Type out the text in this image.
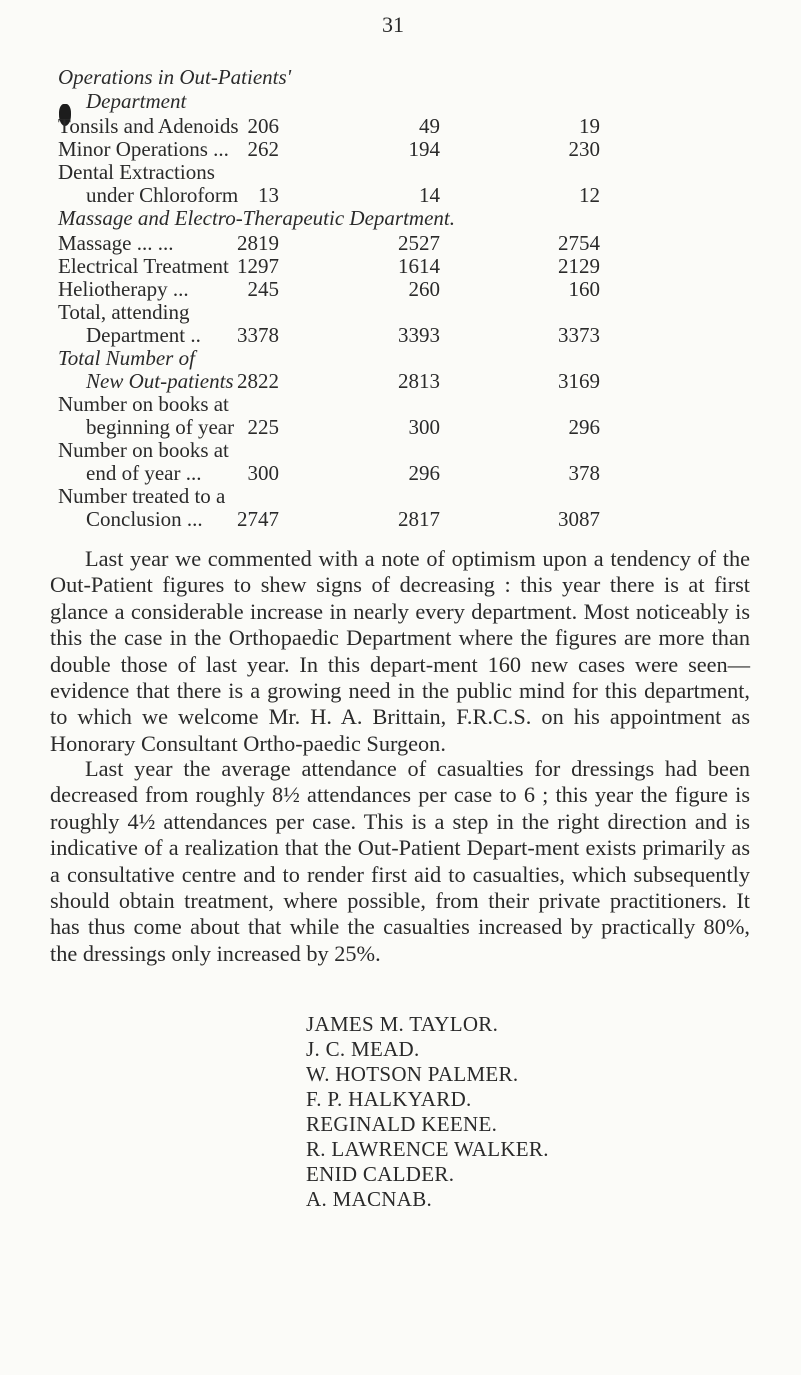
31
Operations in Out-Patients'
Department
Tonsils and Adenoids 206	49	19
Minor Operations ... 262	194	230
Dental Extractions
under Chloroform 13	14	12
Massage and Electro-Therapeutic Department.
Massage ... ...	2819	2527	2754
Electrical Treatment 1297	1614	2129
Heliotherapy ...	245	260	160
Total, attending
Department ..	3378	3393	3373
Total Number of
New Out-patients 2822	2813	3169
Number on books at
beginning of year 225	300	296
Number on books at
end of year ...	300	296	378
Number treated to a
Conclusion ...	2747	2817	3087

Last year we commented with a note of optimism upon a tendency of the Out-Patient figures to shew signs of decreasing : this year there is at first glance a considerable increase in nearly every department. Most noticeably is this the case in the Orthopaedic Department where the figures are more than double those of last year. In this depart-ment 160 new cases were seen—evidence that there is a growing need in the public mind for this department, to which we welcome Mr. H. A. Brittain, F.R.C.S. on his appointment as Honorary Consultant Ortho-paedic Surgeon.

Last year the average attendance of casualties for dressings had been decreased from roughly 8½ attendances per case to 6 ; this year the figure is roughly 4½ attendances per case. This is a step in the right direction and is indicative of a realization that the Out-Patient Depart-ment exists primarily as a consultative centre and to render first aid to casualties, which subsequently should obtain treatment, where possible, from their private practitioners. It has thus come about that while the casualties increased by practically 80%, the dressings only increased by 25%.

JAMES M. TAYLOR.
J. C. MEAD.
W. HOTSON PALMER.
F. P. HALKYARD.
REGINALD KEENE.
R. LAWRENCE WALKER.
ENID CALDER.
A. MACNAB.
